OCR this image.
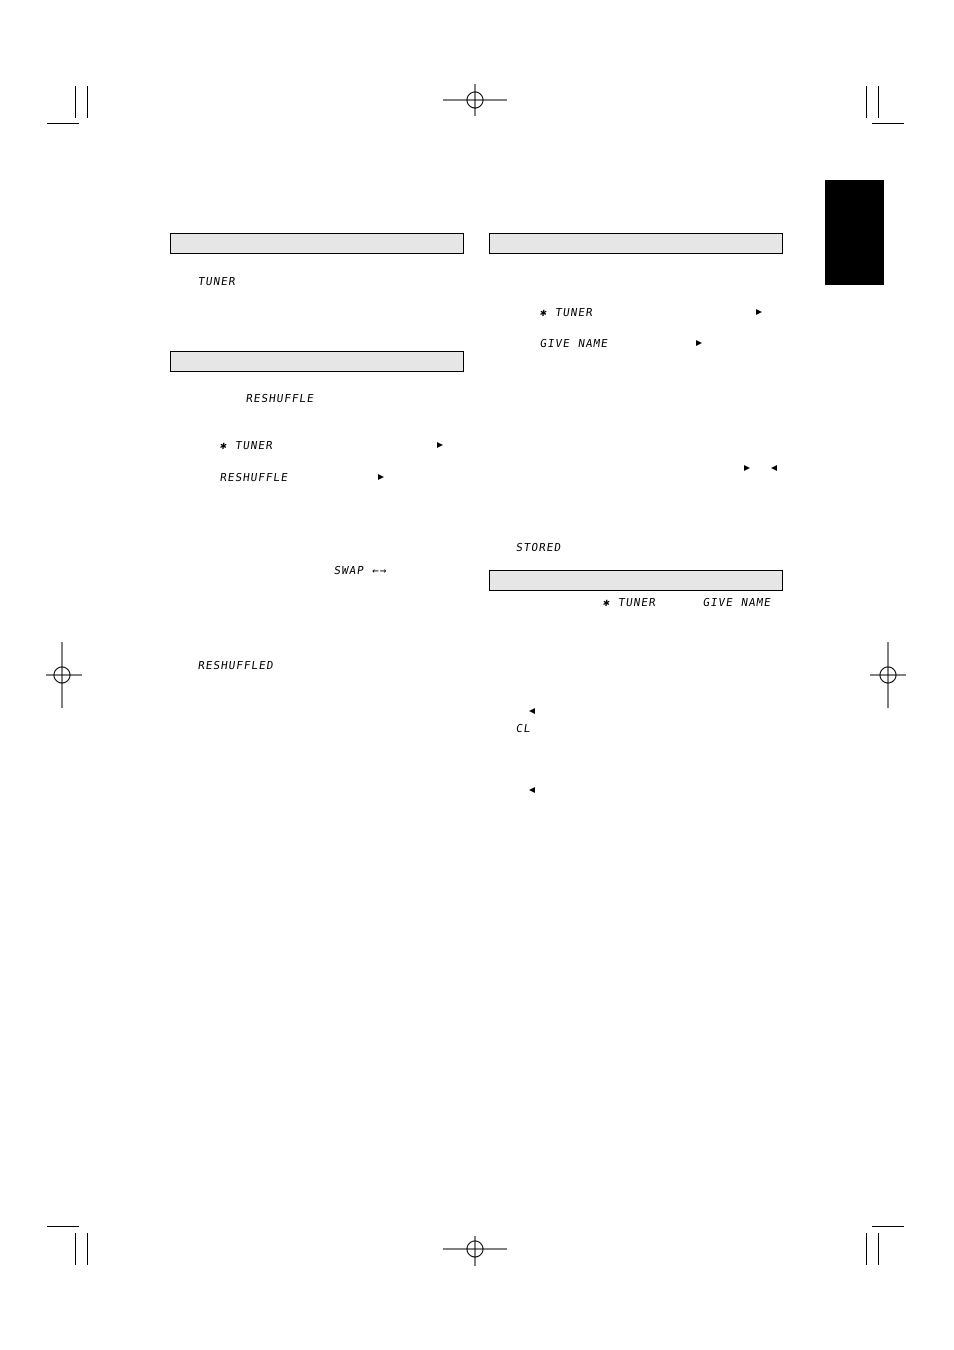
TUNER
RESHUFFLE
✱ TUNER
RESHUFFLE
SWAP ←→
RESHUFFLED
✱ TUNER
GIVE NAME
STORED
✱ TUNER	GIVE NAME
CL
